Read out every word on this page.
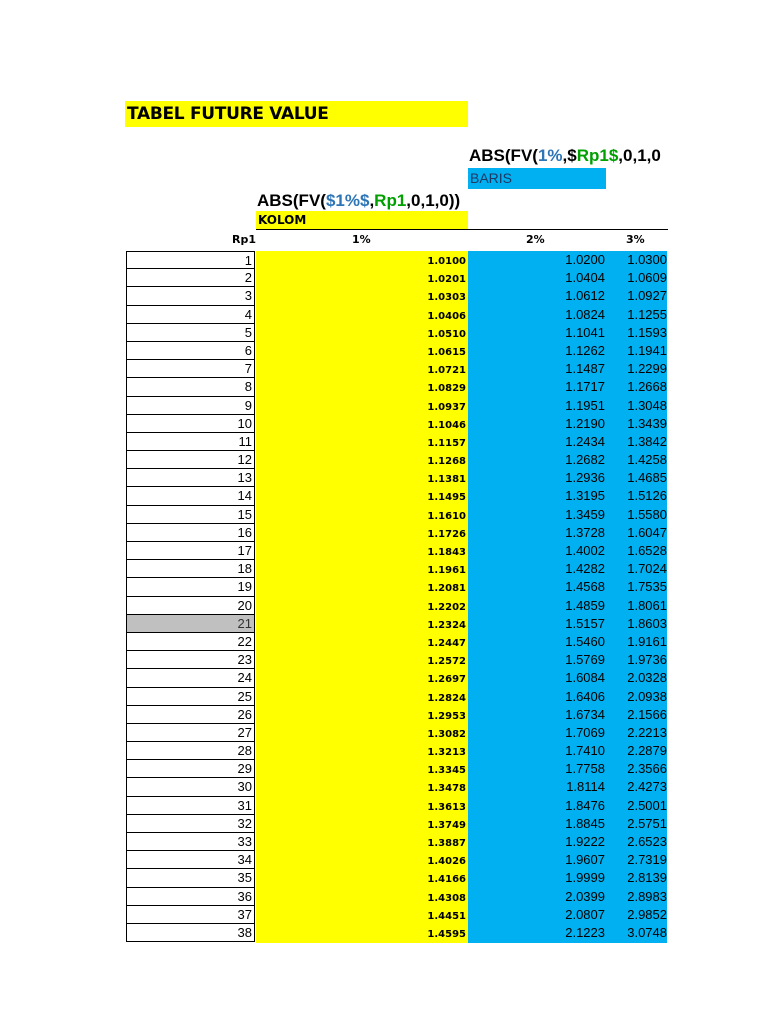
TABEL FUTURE VALUE
ABS(FV(1%,$Rp1$,0,1,0
BARIS
ABS(FV($1%$,Rp1,0,1,0))
KOLOM
Rp1	1%	2%	3%
1	1.0100	1.0200	1.0300
2	1.0201	1.0404	1.0609
3	1.0303	1.0612	1.0927
4	1.0406	1.0824	1.1255
5	1.0510	1.1041	1.1593
6	1.0615	1.1262	1.1941
7	1.0721	1.1487	1.2299
8	1.0829	1.1717	1.2668
9	1.0937	1.1951	1.3048
10	1.1046	1.2190	1.3439
11	1.1157	1.2434	1.3842
12	1.1268	1.2682	1.4258
13	1.1381	1.2936	1.4685
14	1.1495	1.3195	1.5126
15	1.1610	1.3459	1.5580
16	1.1726	1.3728	1.6047
17	1.1843	1.4002	1.6528
18	1.1961	1.4282	1.7024
19	1.2081	1.4568	1.7535
20	1.2202	1.4859	1.8061
21	1.2324	1.5157	1.8603
22	1.2447	1.5460	1.9161
23	1.2572	1.5769	1.9736
24	1.2697	1.6084	2.0328
25	1.2824	1.6406	2.0938
26	1.2953	1.6734	2.1566
27	1.3082	1.7069	2.2213
28	1.3213	1.7410	2.2879
29	1.3345	1.7758	2.3566
30	1.3478	1.8114	2.4273
31	1.3613	1.8476	2.5001
32	1.3749	1.8845	2.5751
33	1.3887	1.9222	2.6523
34	1.4026	1.9607	2.7319
35	1.4166	1.9999	2.8139
36	1.4308	2.0399	2.8983
37	1.4451	2.0807	2.9852
38	1.4595	2.1223	3.0748
